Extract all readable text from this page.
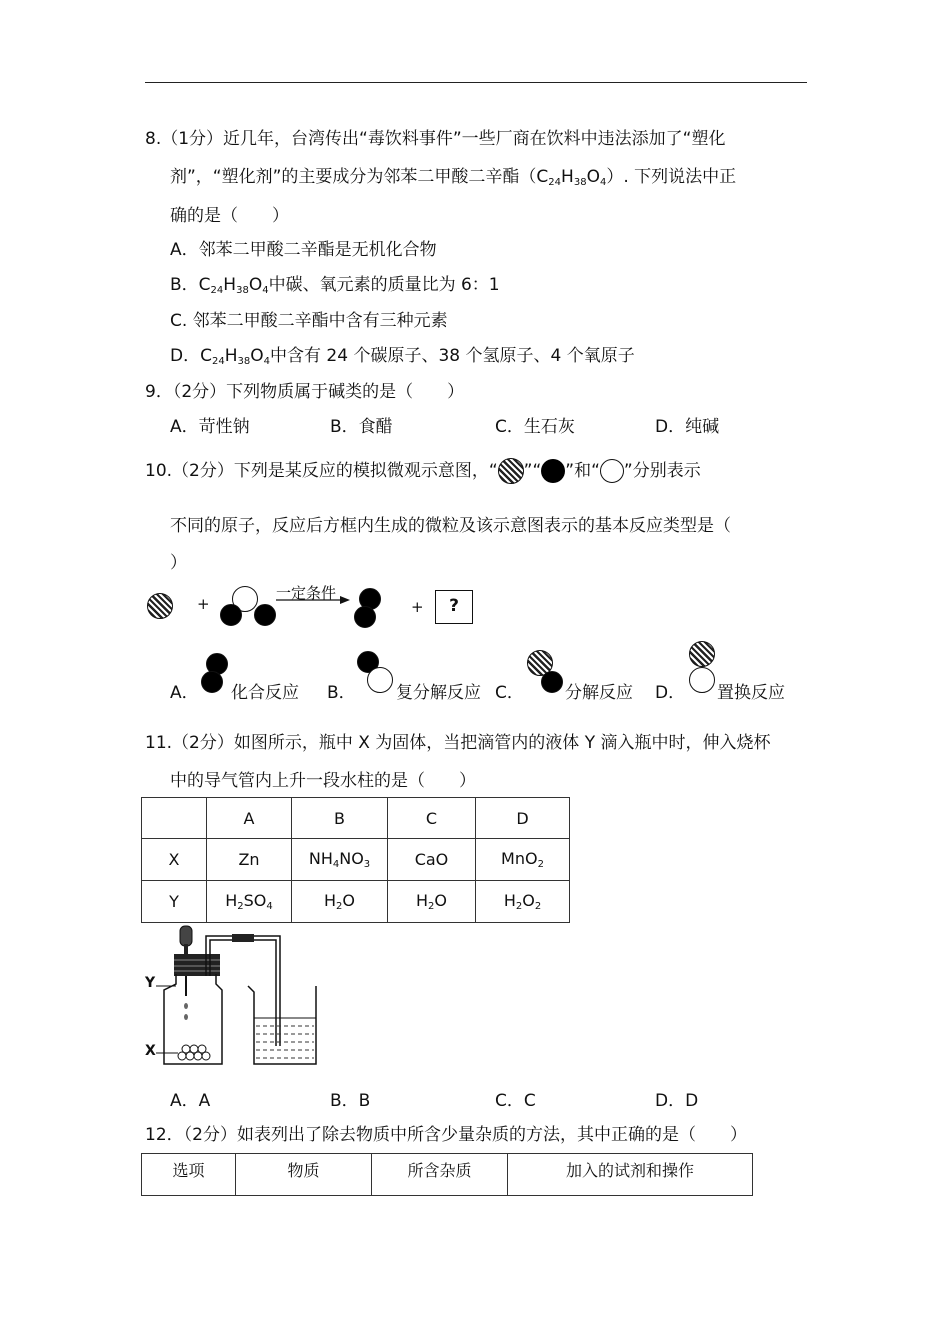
8.（1分）近几年，台湾传出“毒饮料事件”一些厂商在饮料中违法添加了“塑化
剂”，“塑化剂”的主要成分为邻苯二甲酸二辛酯$(C_{24}H_{38}O_4)$. 下列说法中正
确的是（　　）
A．邻苯二甲酸二辛酯是无机化合物
B．$C_{24}H_{38}O_4$中碳、氧元素的质量比为 6：1
C. 邻苯二甲酸二辛酯中含有三种元素
D．$C_{24}H_{38}O_4$中含有 24 个碳原子、38 个氢原子、4 个氧原子
9．（2分）下列物质属于碱类的是（　　）
A．苛性钠	B．食醋	C．生石灰	D．纯碱
10.（2分）下列是某反应的模拟微观示意图，“ ”“ ”和“ ”分别表示
不同的原子，反应后方框内生成的微粒及该示意图表示的基本反应类型是（
）
+
一定条件
+	?
A． 化合反应 B． 复分解反应 C． 分解反应 D． 置换反应
11.（2分）如图所示，瓶中 X 为固体，当把滴管内的液体 Y 滴入瓶中时，伸入烧杯
中的导气管内上升一段水柱的是（　　）
	A	B	C	D
X	Zn	$NH_4NO_3$	CaO	MnO$_2$
Y	$H_2SO_4$	$H_2O$	$H_2O$	$H_2O_2$
Y
X
A．A	B．B	C．C	D．D
12．（2分）如表列出了除去物质中所含少量杂质的方法，其中正确的是（　　）
选项	物质	所含杂质	加入的试剂和操作
